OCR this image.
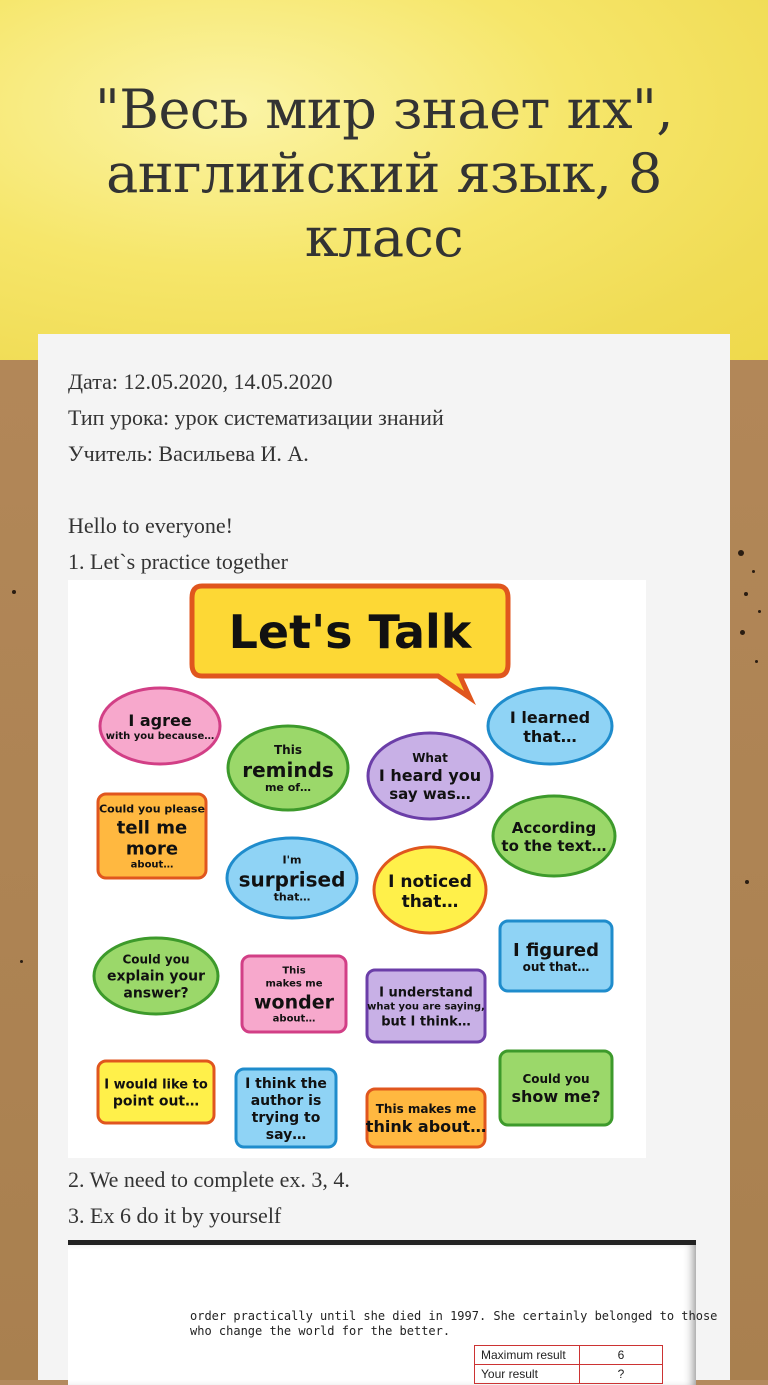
"Весь мир знает их",
английский язык, 8
класс

Дата: 12.05.2020, 14.05.2020

Тип урока: урок систематизации знаний

Учитель: Васильева И. А.

Hello to everyone!

1. Let`s practice together

Let's Talk
I agree
with you because…
This
reminds
me of…
What
I heard you
say was…
I learned
that…
Could you please
tell me
more
about…	I'm
surprised
that…
I noticed
that…
According
to the text…
Could you
explain your
answer?
This
makes me
wonder
about…
I understand
what you are saying,
but I think…
I figured
out that…
I would like to
point out…
I think the
author is
trying to
say…
This makes me
think about…
Could you
show me?

2. We need to complete ex. 3, 4.

3. Ex 6 do it by yourself

order practically until she died in 1997. She certainly belonged to those

who change the world for the better.

Maximum result	6
Your result	?
